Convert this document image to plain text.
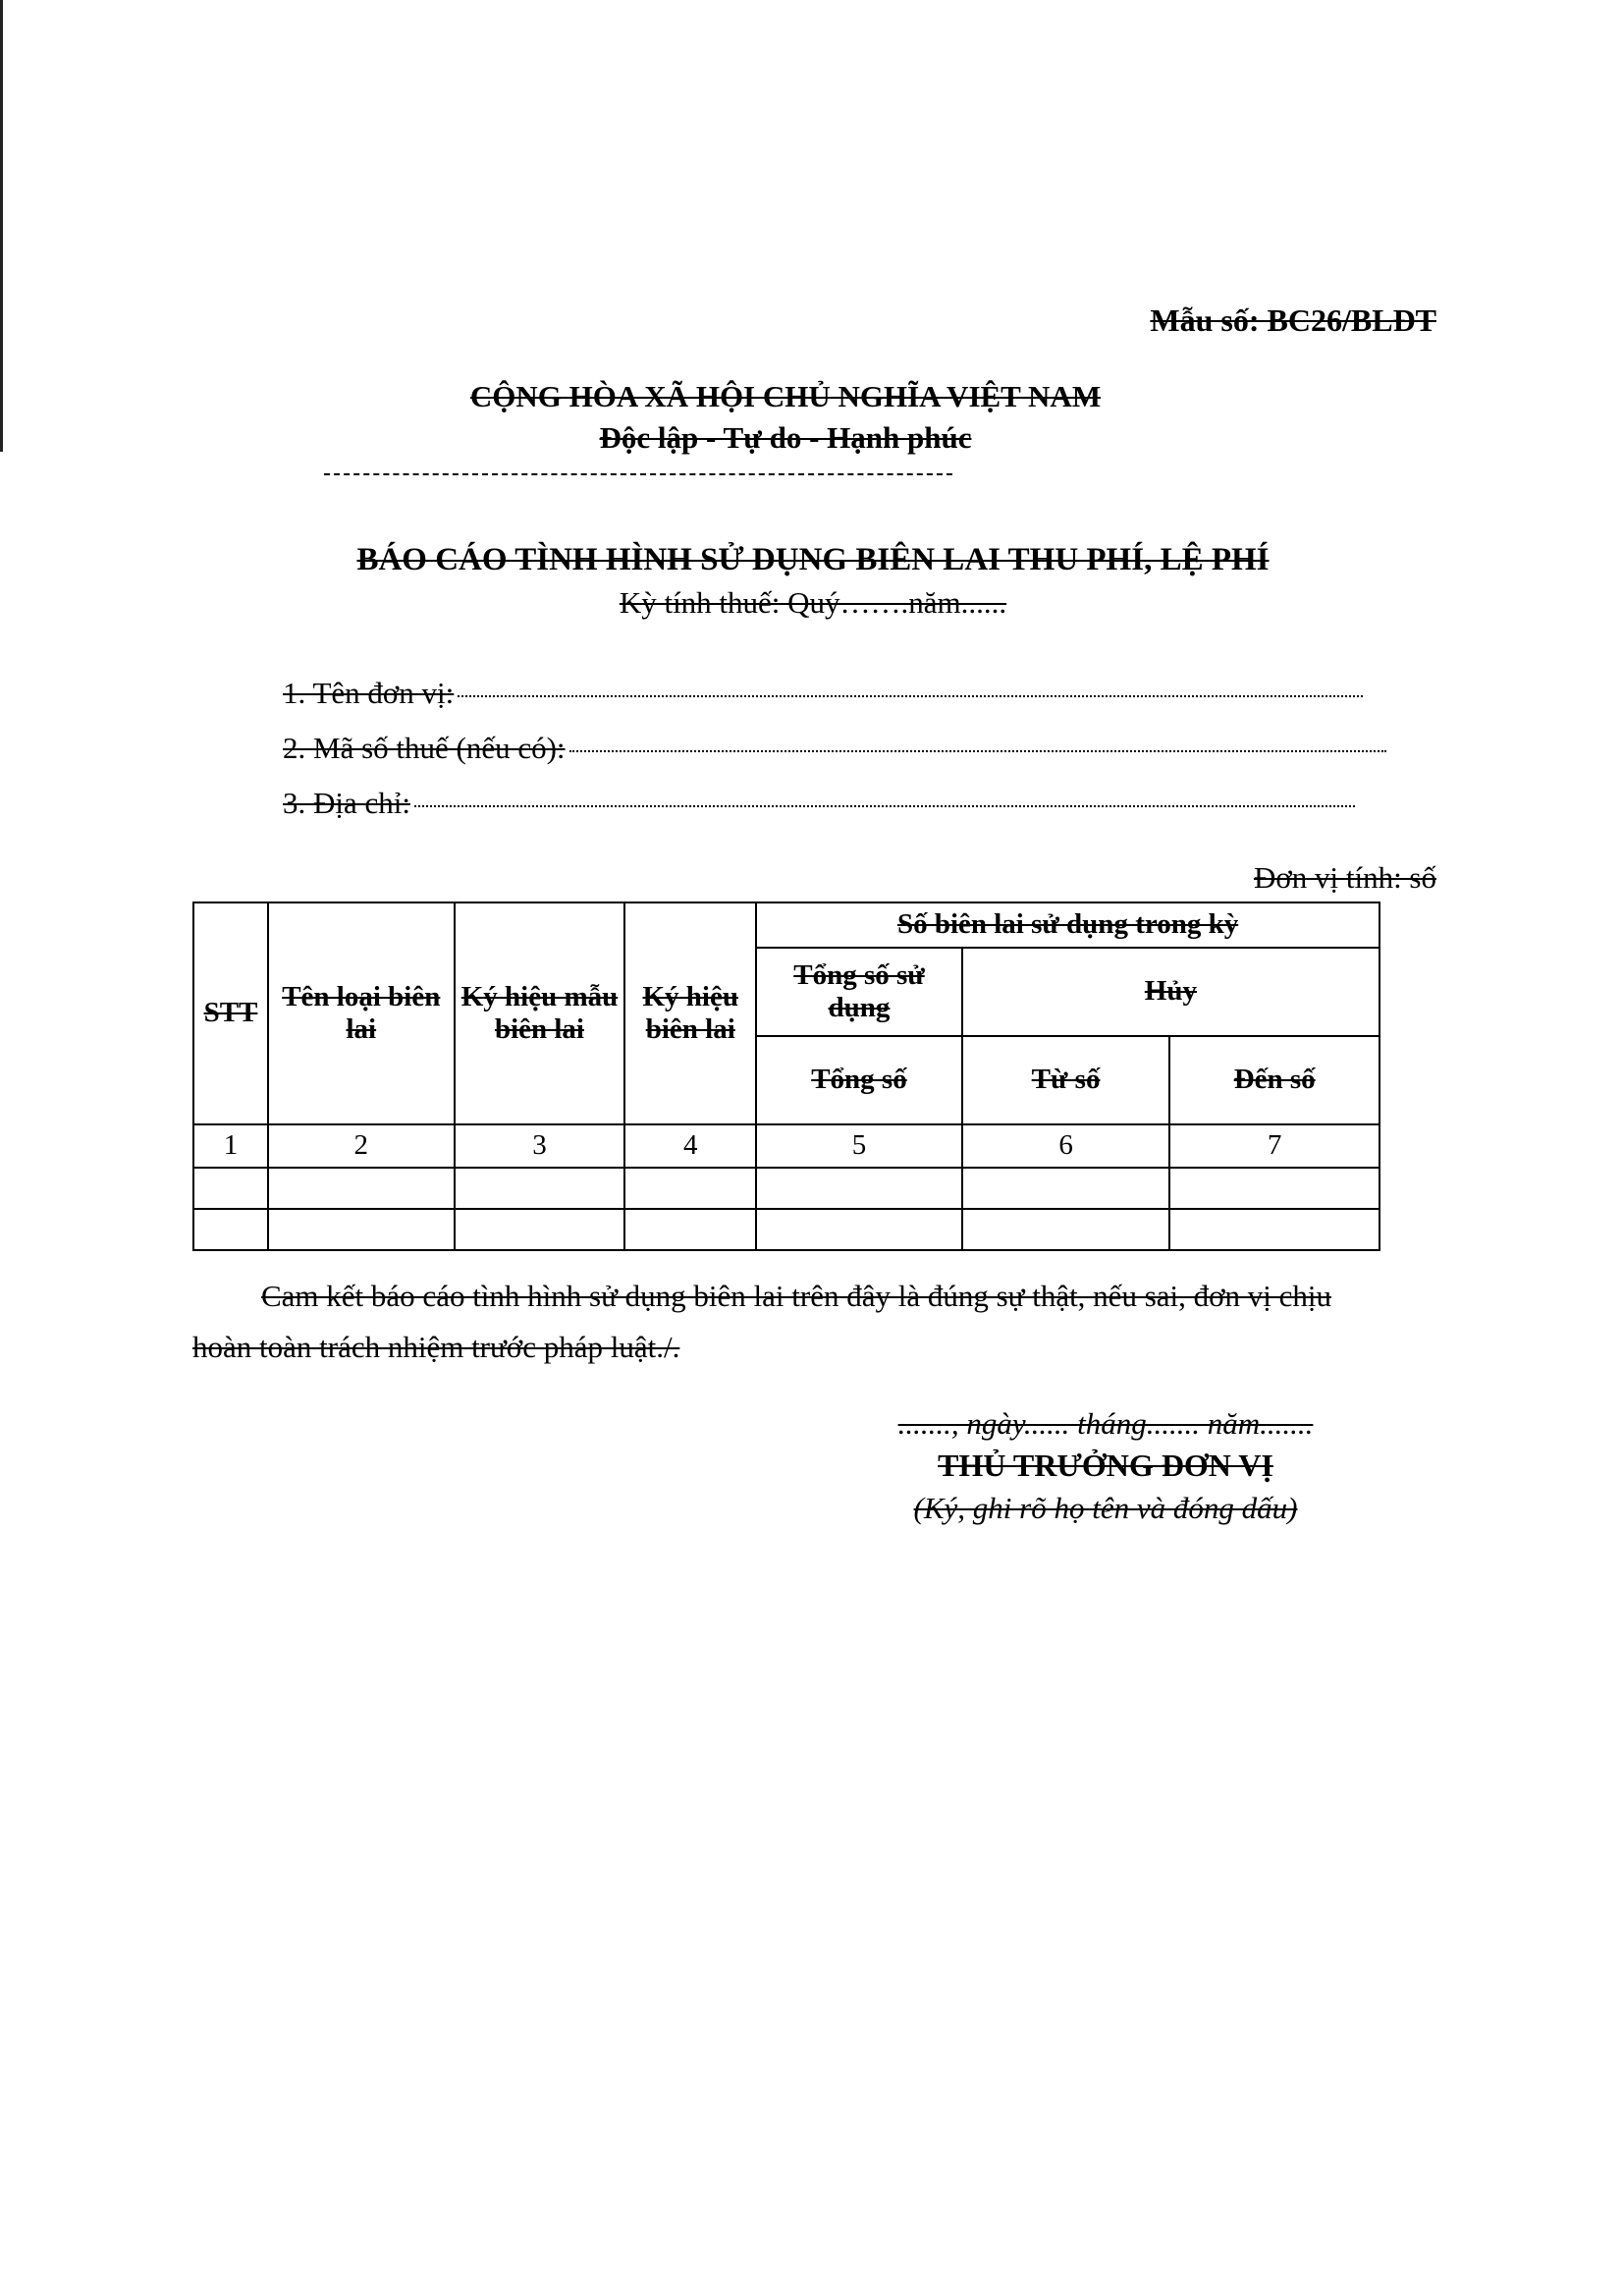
Mẫu số: BC26/BLĐT
CỘNG HÒA XÃ HỘI CHỦ NGHĨA VIỆT NAM
Độc lập - Tự do - Hạnh phúc
BÁO CÁO TÌNH HÌNH SỬ DỤNG BIÊN LAI THU PHÍ, LỆ PHÍ
Kỳ tính thuế: Quý…….năm......
1. Tên đơn vị:
2. Mã số thuế (nếu có):
3. Địa chỉ:
Đơn vị tính: số
STT	Tên loại biên lai	Ký hiệu mẫu biên lai	Ký hiệu biên lai	Số biên lai sử dụng trong kỳ		
				Tổng số sử dụng	Hủy	
				Tổng số	Từ số	Đến số
1	2	3	4	5	6	7

Cam kết báo cáo tình hình sử dụng biên lai trên đây là đúng sự thật, nếu sai, đơn vị chịu hoàn toàn trách nhiệm trước pháp luật./.
......., ngày...... tháng....... năm.......
THỦ TRƯỞNG ĐƠN VỊ
(Ký, ghi rõ họ tên và đóng dấu)
